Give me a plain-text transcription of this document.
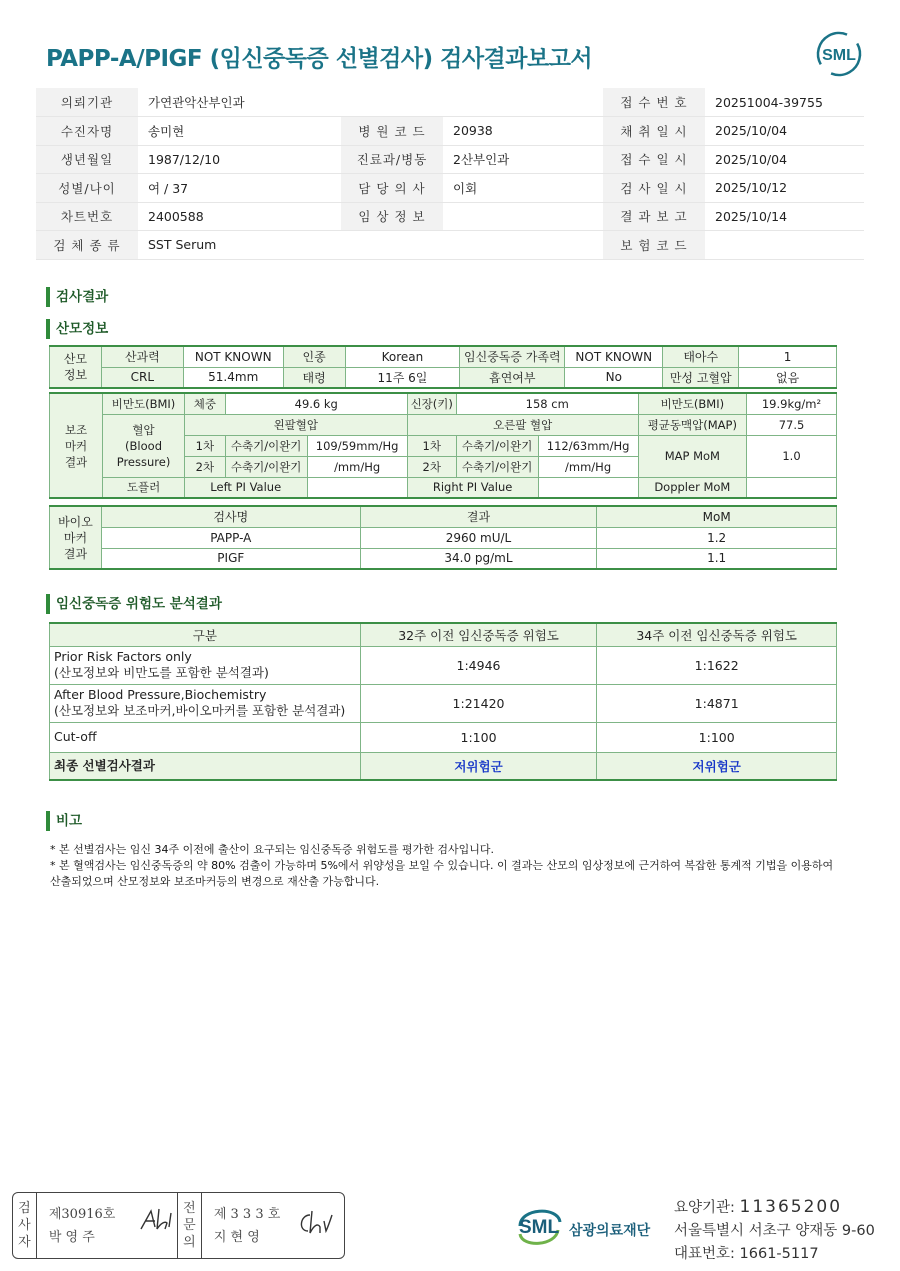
PAPP-A/PIGF (임신중독증 선별검사) 검사결과보고서	SML
의뢰기관	가연관악산부인과			접 수 번 호	20251004-39755
수진자명	송미현	병 원 코 드	20938	채 취 일 시	2025/10/04
생년월일	1987/12/10	진료과/병동	2산부인과	접 수 일 시	2025/10/04
성별/나이	여 / 37	담 당 의 사	이회	검 사 일 시	2025/10/12
차트번호	2400588	임 상 정 보		결 과 보 고	2025/10/14
검 체 종 류	SST Serum			보 험 코 드	
검사결과
산모정보
산모
정보	산과력	NOT KNOWN	인종	Korean	임신중독증 가족력	NOT KNOWN	태아수	1
	CRL	51.4mm	태령	11주 6일	흡연여부	No	만성 고혈압	없음
보조
마커
결과	비만도(BMI)	체중	49.6 kg		신장(키)	158 cm		비만도(BMI)	19.9kg/m²
	혈압
(Blood
Pressure)	왼팔혈압			오른팔 혈압			평균동맥압(MAP)	77.5
		1차	수축기/이완기	109/59mm/Hg	1차	수축기/이완기	112/63mm/Hg	MAP MoM	1.0
		2차	수축기/이완기	/mm/Hg	2차	수축기/이완기	/mm/Hg		
	도플러	Left PI Value			Right PI Value			Doppler MoM	
바이오
마커
결과	검사명	결과	MoM
	PAPP-A	2960 mU/L	1.2
	PIGF	34.0 pg/mL	1.1
임신중독증 위험도 분석결과
구분	32주 이전 임신중독증 위험도	34주 이전 임신중독증 위험도

Prior Risk Factors only
(산모정보와 비만도를 포함한 분석결과)	1:4946	1:1622

After Blood Pressure,Biochemistry
(산모정보와 보조마커,바이오마커를 포함한 분석결과)	1:21420	1:4871
Cut-off	1:100	1:100
최종 선별검사결과	저위험군	저위험군
비고
* 본 선별검사는 임신 34주 이전에 출산이 요구되는 임신중독증 위험도를 평가한 검사입니다.
* 본 혈액검사는 임신중독증의 약 80% 검출이 가능하며 5%에서 위양성을 보일 수 있습니다. 이 결과는 산모의 임상정보에 근거하여 복잡한 통계적 기법을 이용하여 산출되었으며 산모정보와 보조마커등의 변경으로 재산출 가능합니다.
검
사
자
제30916호
박 영 주
전
문
의
제 3 3 3 호
지 현 영	SML 삼광의료재단
요양기관: 11365200
서울특별시 서초구 양재동 9-60
대표번호: 1661-5117
